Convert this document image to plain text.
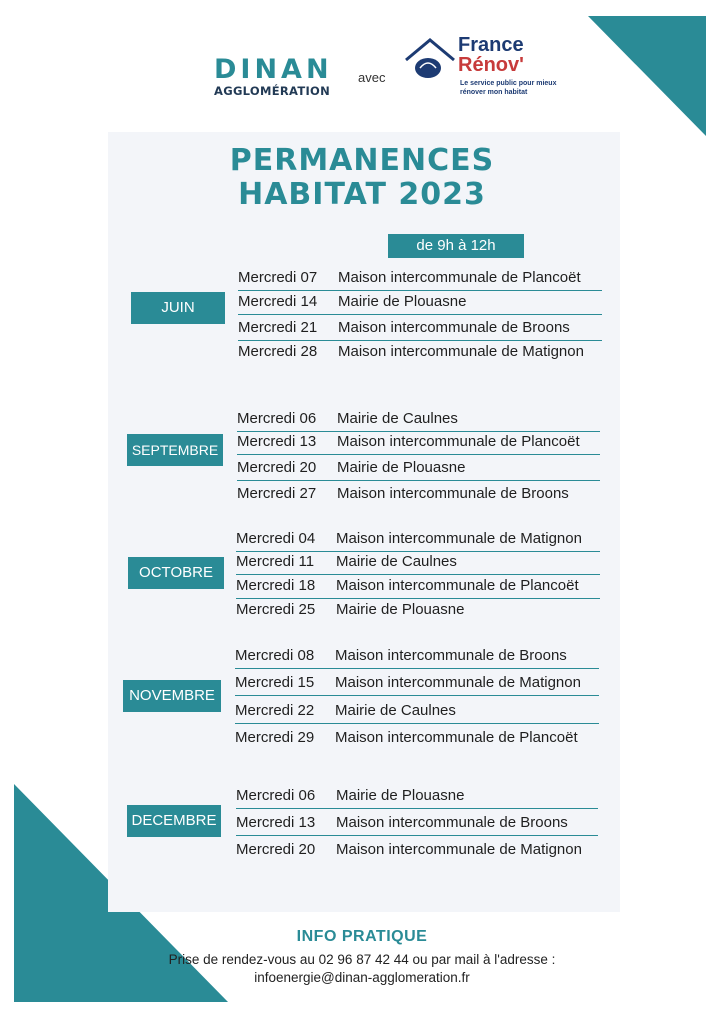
DINAN
AGGLOMÉRATION
avec
France
Rénov'
Le service public pour mieux rénover mon habitat
PERMANENCES
HABITAT 2023
de 9h à 12h
JUIN
Mercredi 07 Maison intercommunale de Plancoët
Mercredi 14 Mairie de Plouasne
Mercredi 21 Maison intercommunale de Broons
Mercredi 28 Maison intercommunale de Matignon
SEPTEMBRE
Mercredi 06 Mairie de Caulnes
Mercredi 13 Maison intercommunale de Plancoët
Mercredi 20 Mairie de Plouasne
Mercredi 27 Maison intercommunale de Broons
OCTOBRE
Mercredi 04 Maison intercommunale de Matignon
Mercredi 11 Mairie de Caulnes
Mercredi 18 Maison intercommunale de Plancoët
Mercredi 25 Mairie de Plouasne
NOVEMBRE
Mercredi 08 Maison intercommunale de Broons
Mercredi 15 Maison intercommunale de Matignon
Mercredi 22 Mairie de Caulnes
Mercredi 29 Maison intercommunale de Plancoët
DECEMBRE
Mercredi 06 Mairie de Plouasne
Mercredi 13 Maison intercommunale de Broons
Mercredi 20 Maison intercommunale de Matignon
INFO PRATIQUE
Prise de rendez-vous au 02 96 87 42 44 ou par mail à l'adresse :
infoenergie@dinan-agglomeration.fr
